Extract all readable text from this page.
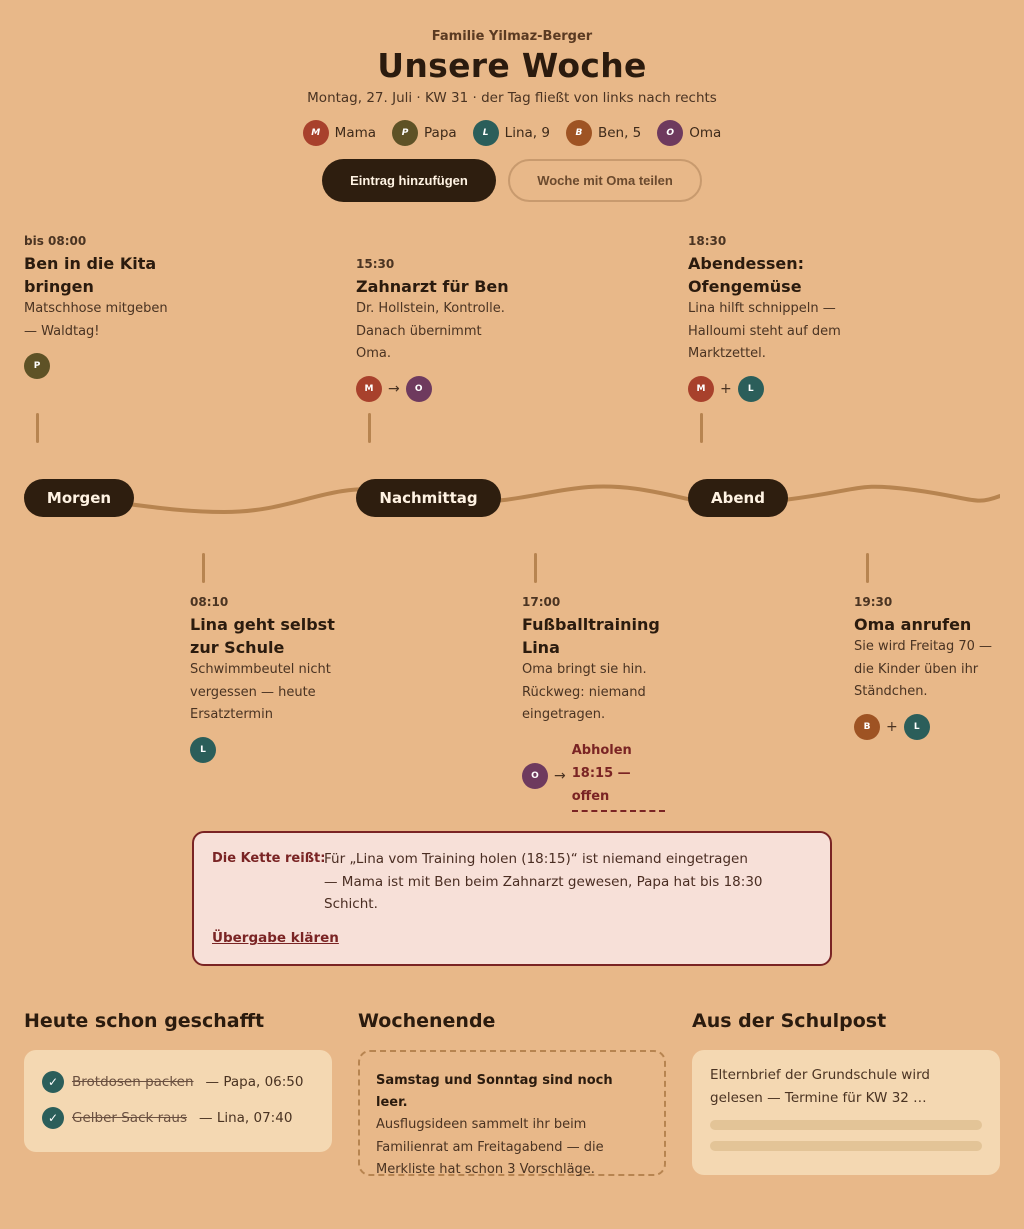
Familie Yilmaz-Berger
Unsere Woche
Montag, 27. Juli · KW 31 · der Tag fließt von links nach rechts
M	Mama	P	Papa	L	Lina, 9	B	Ben, 5	O	Oma
Eintrag hinzufügen	Woche mit Oma teilen
bis 08:00
Ben in die Kita bringen
Matschhose mitgeben — Waldtag!
P
15:30
Zahnarzt für Ben
Dr. Hollstein, Kontrolle. Danach übernimmt Oma.
M	→	O
18:30
Abendessen: Ofengemüse
Lina hilft schnippeln — Halloumi steht auf dem Marktzettel.
M	+	L
Morgen	Nachmittag	Abend
08:10
Lina geht selbst zur Schule
Schwimmbeutel nicht vergessen — heute Ersatztermin
L
17:00
Fußballtraining Lina
Oma bringt sie hin. Rückweg: niemand eingetragen.
O	→
Abholen 18:15 — offen
19:30
Oma anrufen
Sie wird Freitag 70 — die Kinder üben ihr Ständchen.
B	+	L
Die Kette reißt:
Für „Lina vom Training holen (18:15)“ ist niemand eingetragen — Mama ist mit Ben beim Zahnarzt gewesen, Papa hat bis 18:30 Schicht.
Übergabe klären
Heute schon geschafft
✓	Brotdosen packen — Papa, 06:50
✓	Gelber Sack raus — Lina, 07:40
Wochenende
Samstag und Sonntag sind noch leer.
Ausflugsideen sammelt ihr beim Familienrat am Freitagabend — die Merkliste hat schon 3 Vorschläge.
Aus der Schulpost
Elternbrief der Grundschule wird gelesen — Termine für KW 32 …
